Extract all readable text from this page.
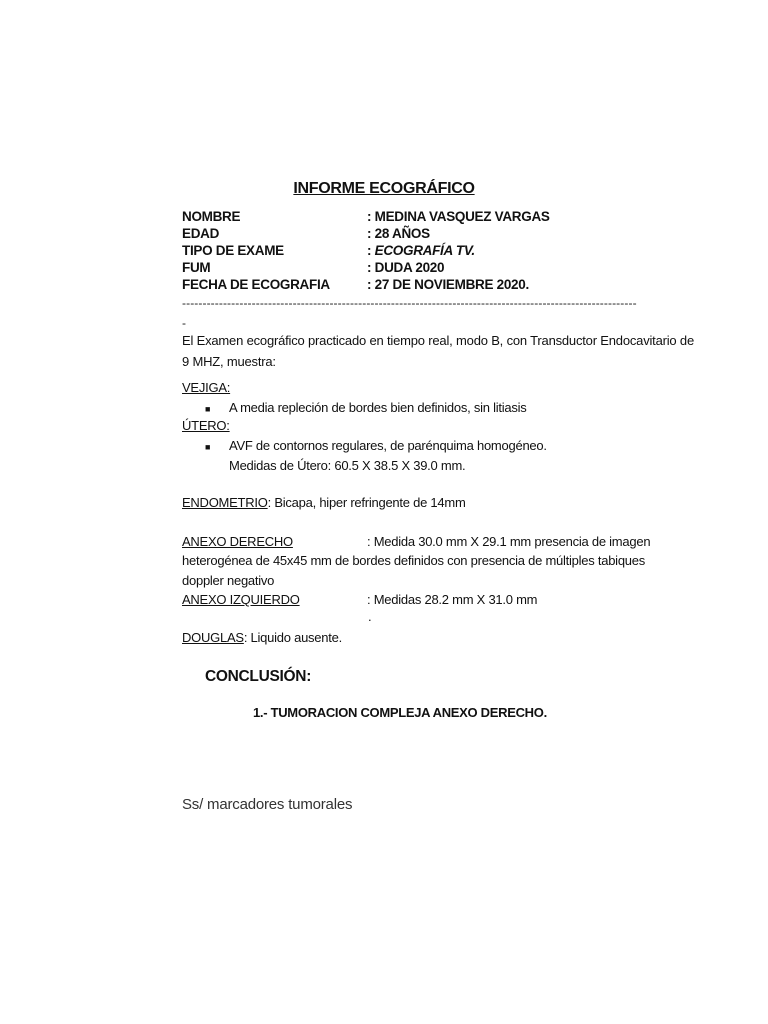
INFORME ECOGRÁFICO
NOMBRE	: MEDINA VASQUEZ VARGAS
EDAD	: 28 AÑOS
TIPO DE EXAME	: ECOGRAFÍA TV.
FUM	: DUDA 2020
FECHA DE ECOGRAFIA	: 27 DE NOVIEMBRE 2020.
---------------------------------------------------------------------------------------------------------------
-
El Examen ecográfico practicado en tiempo real, modo B, con Transductor Endocavitario de 9 MHZ, muestra:
VEJIGA:
■ A media repleción de bordes bien definidos, sin litiasis
ÚTERO:
■ AVF de contornos regulares, de parénquima homogéneo.
Medidas de Útero: 60.5 X 38.5 X 39.0 mm.
ENDOMETRIO: Bicapa, hiper refringente de 14mm
ANEXO DERECHO	: Medida 30.0 mm X 29.1 mm presencia de imagen
heterogénea de 45x45 mm de bordes definidos con presencia de múltiples tabiques
doppler negativo
ANEXO IZQUIERDO	: Medidas 28.2 mm X 31.0 mm
.
DOUGLAS: Liquido ausente.
CONCLUSIÓN:
1.- TUMORACION COMPLEJA ANEXO DERECHO.
Ss/ marcadores tumorales
